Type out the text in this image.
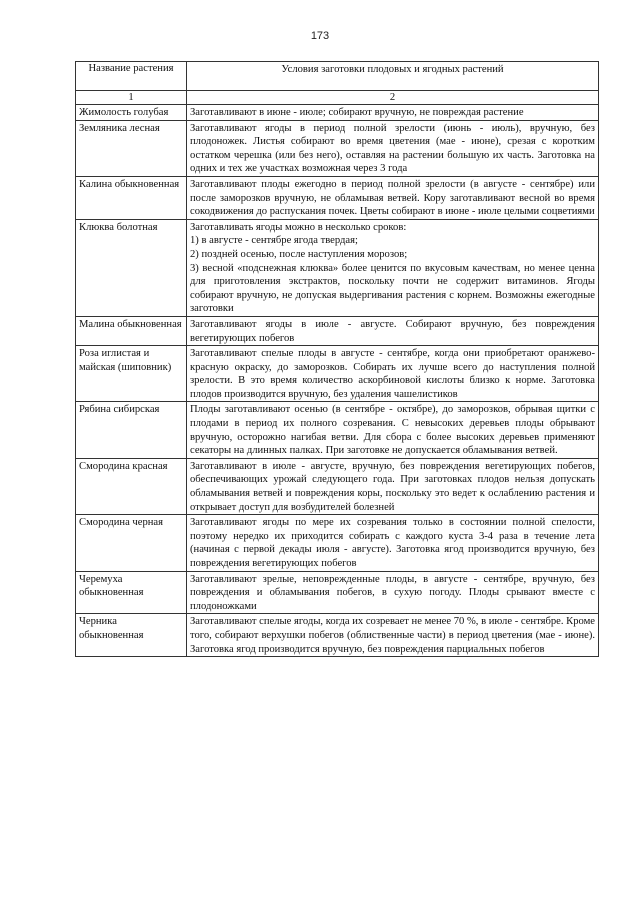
173
Название растения	Условия заготовки плодовых и ягодных растений
1	2
Жимолость голубая	Заготавливают в июне - июле; собирают вручную, не повреждая растение
Земляника лесная	Заготавливают ягоды в период полной зрелости (июнь - июль), вручную, без плодоножек. Листья собирают во время цветения (мае - июне), срезая с коротким остатком черешка (или без него), оставляя на растении большую их часть. Заготовка на одних и тех же участках возможная через 3 года
Калина обыкновенная	Заготавливают плоды ежегодно в период полной зрелости (в августе - сентябре) или после заморозков вручную, не обламывая ветвей. Кору заготавливают весной во время сокодвижения до распускания почек. Цветы собирают в июне - июле целыми соцветиями
Клюква болотная	Заготавливать ягоды можно в несколько сроков:
1) в августе - сентябре ягода твердая;
2) поздней осенью, после наступления морозов;
3) весной «подснежная клюква» более ценится по вкусовым качествам, но менее ценна для приготовления экстрактов, поскольку почти не содержит витаминов. Ягоды собирают вручную, не допуская выдергивания растения с корнем. Возможны ежегодные заготовки

Малина обыкновенная	Заготавливают ягоды в июле - августе. Собирают вручную, без повреждения вегетирующих побегов
Роза иглистая и майская (шиповник)	Заготавливают спелые плоды в августе - сентябре, когда они приобретают оранжево-красную окраску, до заморозков. Собирать их лучше всего до наступления полной зрелости. В это время количество аскорбиновой кислоты близко к норме. Заготовка плодов производится вручную, без удаления чашелистиков
Рябина сибирская	Плоды заготавливают осенью (в сентябре - октябре), до заморозков, обрывая щитки с плодами в период их полного созревания. С невысоких деревьев плоды обрывают вручную, осторожно нагибая ветви. Для сбора с более высоких деревьев применяют секаторы на длинных палках. При заготовке не допускается обламывания ветвей.
Смородина красная	Заготавливают в июле - августе, вручную, без повреждения вегетирующих побегов, обеспечивающих урожай следующего года. При заготовках плодов нельзя допускать обламывания ветвей и повреждения коры, поскольку это ведет к ослаблению растения и открывает доступ для возбудителей болезней
Смородина черная	Заготавливают ягоды по мере их созревания только в состоянии полной спелости, поэтому нередко их приходится собирать с каждого куста 3-4 раза в течение лета (начиная с первой декады июля - августе). Заготовка ягод производится вручную, без повреждения вегетирующих побегов
Черемуха обыкновенная	Заготавливают зрелые, неповрежденные плоды, в августе - сентябре, вручную, без повреждения и обламывания побегов, в сухую погоду. Плоды срывают вместе с плодоножками
Черника обыкновенная	Заготавливают спелые ягоды, когда их созревает не менее 70 %, в июле - сентябре. Кроме того, собирают верхушки побегов (облиственные части) в период цветения (мае - июне). Заготовка ягод производится вручную, без повреждения парциальных побегов
